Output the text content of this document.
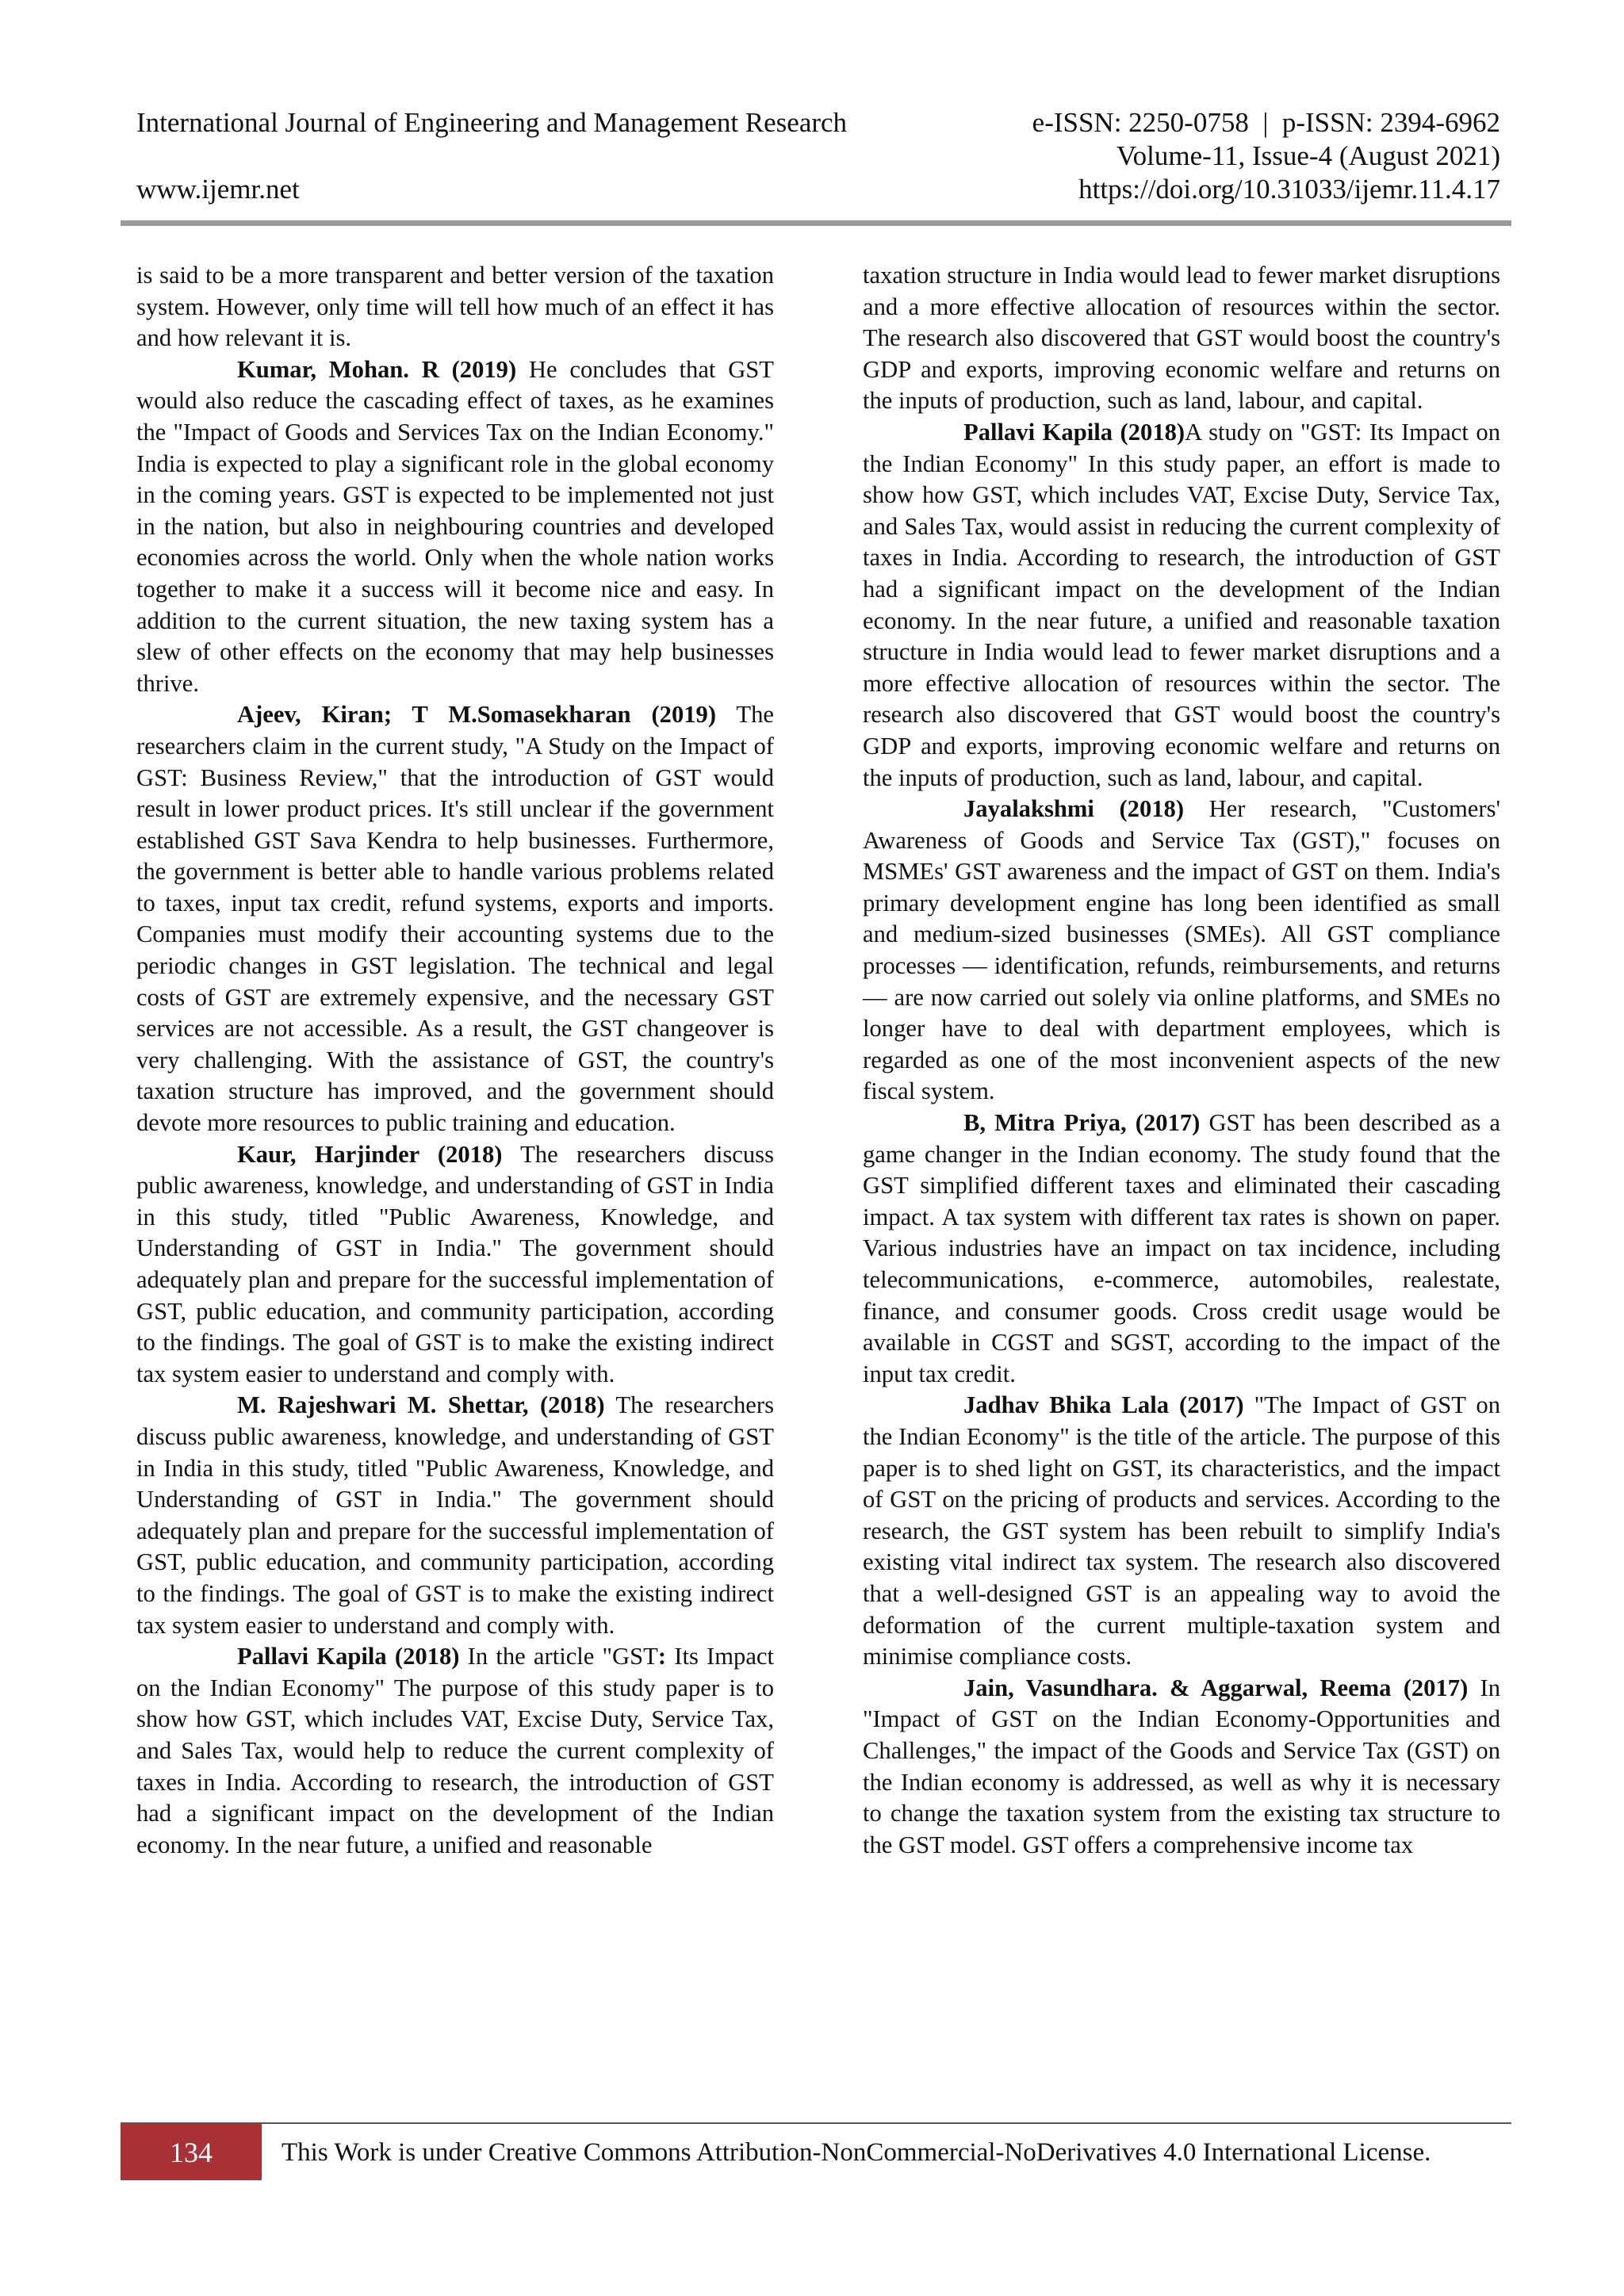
International Journal of Engineering and Management Research	e-ISSN: 2250-0758  |  p-ISSN: 2394-6962
Volume-11, Issue-4 (August 2021)
www.ijemr.net	https://doi.org/10.31033/ijemr.11.4.17

is said to be a more transparent and better version of the taxation system. However, only time will tell how much of an effect it has and how relevant it is.

Kumar, Mohan. R (2019) He concludes that GST would also reduce the cascading effect of taxes, as he examines the "Impact of Goods and Services Tax on the Indian Economy." India is expected to play a significant role in the global economy in the coming years. GST is expected to be implemented not just in the nation, but also in neighbouring countries and developed economies across the world. Only when the whole nation works together to make it a success will it become nice and easy. In addition to the current situation, the new taxing system has a slew of other effects on the economy that may help businesses thrive.

Ajeev, Kiran; T M.Somasekharan (2019) The researchers claim in the current study, "A Study on the Impact of GST: Business Review," that the introduction of GST would result in lower product prices. It's still unclear if the government established GST Sava Kendra to help businesses. Furthermore, the government is better able to handle various problems related to taxes, input tax credit, refund systems, exports and imports. Companies must modify their accounting systems due to the periodic changes in GST legislation. The technical and legal costs of GST are extremely expensive, and the necessary GST services are not accessible. As a result, the GST changeover is very challenging. With the assistance of GST, the country's taxation structure has improved, and the government should devote more resources to public training and education.

Kaur, Harjinder (2018) The researchers discuss public awareness, knowledge, and understanding of GST in India in this study, titled "Public Awareness, Knowledge, and Understanding of GST in India." The government should adequately plan and prepare for the successful implementation of GST, public education, and community participation, according to the findings. The goal of GST is to make the existing indirect tax system easier to understand and comply with.

M. Rajeshwari M. Shettar, (2018) The researchers discuss public awareness, knowledge, and understanding of GST in India in this study, titled "Public Awareness, Knowledge, and Understanding of GST in India." The government should adequately plan and prepare for the successful implementation of GST, public education, and community participation, according to the findings. The goal of GST is to make the existing indirect tax system easier to understand and comply with.

Pallavi Kapila (2018) In the article "GST: Its Impact on the Indian Economy" The purpose of this study paper is to show how GST, which includes VAT, Excise Duty, Service Tax, and Sales Tax, would help to reduce the current complexity of taxes in India. According to research, the introduction of GST had a significant impact on the development of the Indian economy. In the near future, a unified and reasonable

taxation structure in India would lead to fewer market disruptions and a more effective allocation of resources within the sector. The research also discovered that GST would boost the country's GDP and exports, improving economic welfare and returns on the inputs of production, such as land, labour, and capital.

Pallavi Kapila (2018)A study on "GST: Its Impact on the Indian Economy" In this study paper, an effort is made to show how GST, which includes VAT, Excise Duty, Service Tax, and Sales Tax, would assist in reducing the current complexity of taxes in India. According to research, the introduction of GST had a significant impact on the development of the Indian economy. In the near future, a unified and reasonable taxation structure in India would lead to fewer market disruptions and a more effective allocation of resources within the sector. The research also discovered that GST would boost the country's GDP and exports, improving economic welfare and returns on the inputs of production, such as land, labour, and capital.

Jayalakshmi (2018) Her research, "Customers' Awareness of Goods and Service Tax (GST)," focuses on MSMEs' GST awareness and the impact of GST on them. India's primary development engine has long been identified as small and medium-sized businesses (SMEs). All GST compliance processes — identification, refunds, reimbursements, and returns — are now carried out solely via online platforms, and SMEs no longer have to deal with department employees, which is regarded as one of the most inconvenient aspects of the new fiscal system.

B, Mitra Priya, (2017) GST has been described as a game changer in the Indian economy. The study found that the GST simplified different taxes and eliminated their cascading impact. A tax system with different tax rates is shown on paper. Various industries have an impact on tax incidence, including telecommunications, e-commerce, automobiles, realestate, finance, and consumer goods. Cross credit usage would be available in CGST and SGST, according to the impact of the input tax credit.

Jadhav Bhika Lala (2017) "The Impact of GST on the Indian Economy" is the title of the article. The purpose of this paper is to shed light on GST, its characteristics, and the impact of GST on the pricing of products and services. According to the research, the GST system has been rebuilt to simplify India's existing vital indirect tax system. The research also discovered that a well-designed GST is an appealing way to avoid the deformation of the current multiple-taxation system and minimise compliance costs.

Jain, Vasundhara. & Aggarwal, Reema (2017) In "Impact of GST on the Indian Economy-Opportunities and Challenges," the impact of the Goods and Service Tax (GST) on the Indian economy is addressed, as well as why it is necessary to change the taxation system from the existing tax structure to the GST model. GST offers a comprehensive income tax

134	This Work is under Creative Commons Attribution-NonCommercial-NoDerivatives 4.0 International License.
